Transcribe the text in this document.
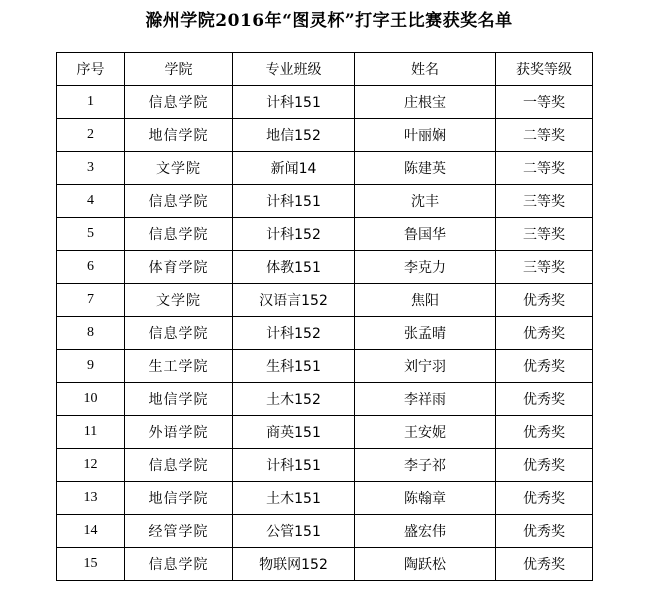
滁州学院2016年“图灵杯”打字王比赛获奖名单
序号	学院	专业班级	姓名	获奖等级
1	信息学院	计科151	庄根宝	一等奖
2	地信学院	地信152	叶丽娴	二等奖
3	文学院	新闻14	陈建英	二等奖
4	信息学院	计科151	沈丰	三等奖
5	信息学院	计科152	鲁国华	三等奖
6	体育学院	体教151	李克力	三等奖
7	文学院	汉语言152	焦阳	优秀奖
8	信息学院	计科152	张孟晴	优秀奖
9	生工学院	生科151	刘宁羽	优秀奖
10	地信学院	土木152	李祥雨	优秀奖
11	外语学院	商英151	王安妮	优秀奖
12	信息学院	计科151	李子祁	优秀奖
13	地信学院	土木151	陈翰章	优秀奖
14	经管学院	公管151	盛宏伟	优秀奖
15	信息学院	物联网152	陶跃松	优秀奖
